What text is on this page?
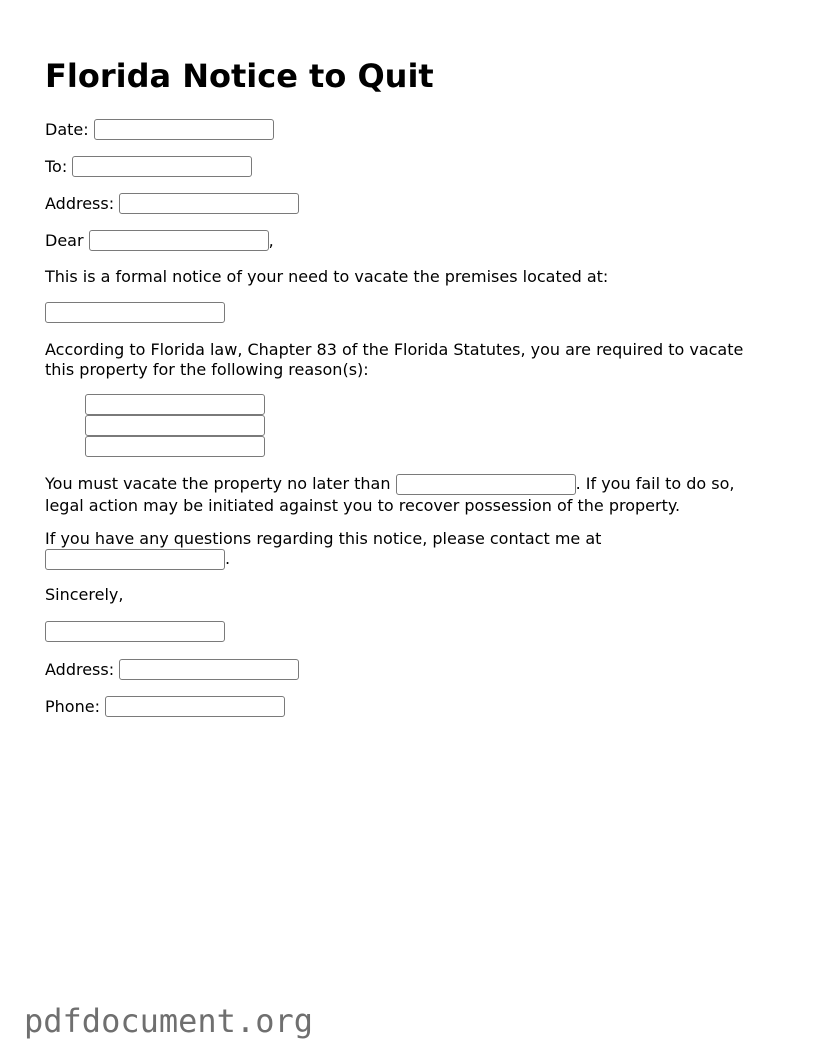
Florida Notice to Quit
Date:
To:
Address:
Dear	,
This is a formal notice of your need to vacate the premises located at:
According to Florida law, Chapter 83 of the Florida Statutes, you are required to vacate this property for the following reason(s):
You must vacate the property no later than	. If you fail to do so, legal action may be initiated against you to recover possession of the property.
If you have any questions regarding this notice, please contact me at
.
Sincerely,
Address:
Phone:
pdfdocument.org
